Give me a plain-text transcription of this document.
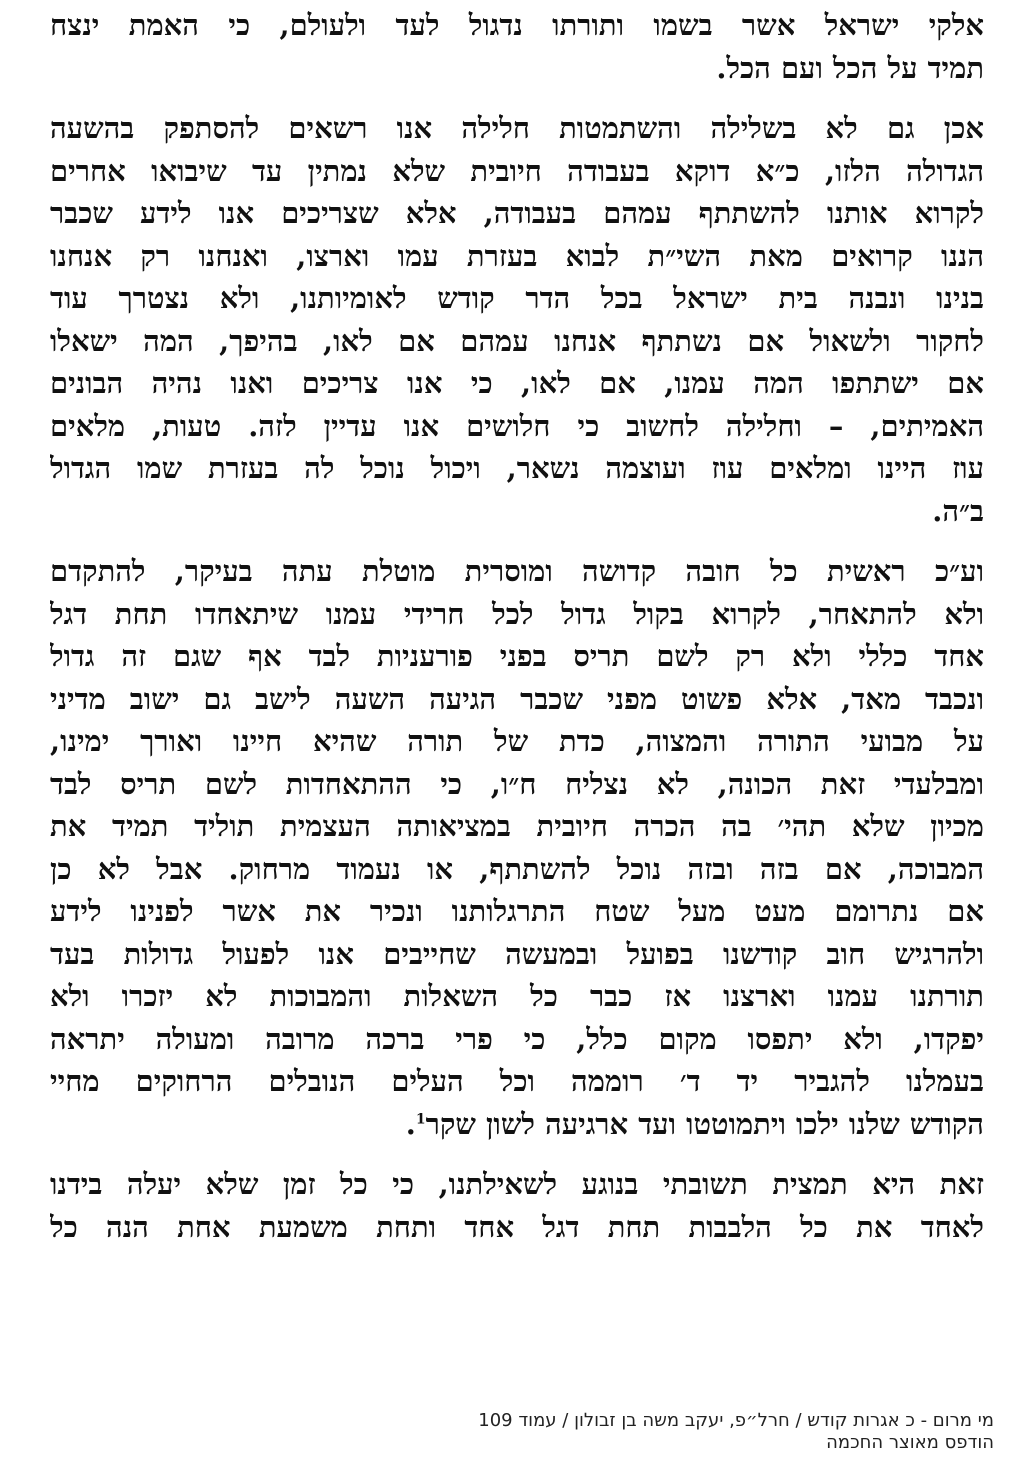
אלקי ישראל אשר בשמו ותורתו נדגול לעד ולעולם, כי האמת ינצח
תמיד על הכל ועם הכל.

אכן גם לא בשלילה והשתמטות חלילה אנו רשאים להסתפק בהשעה
הגדולה הלזו, כ״א דוקא בעבודה חיובית שלא נמתין עד שיבואו אחרים
לקרוא אותנו להשתתף עמהם בעבודה, אלא שצריכים אנו לידע שכבר
הננו קרואים מאת השי״ת לבוא בעזרת עמו וארצו, ואנחנו רק אנחנו
בנינו ונבנה בית ישראל בכל הדר קודש לאומיותנו, ולא נצטרך עוד
לחקור ולשאול אם נשתתף אנחנו עמהם אם לאו, בהיפך, המה ישאלו
אם ישתתפו המה עמנו, אם לאו, כי אנו צריכים ואנו נהיה הבונים
האמיתים, – וחלילה לחשוב כי חלושים אנו עדיין לזה. טעות, מלאים
עוז היינו ומלאים עוז ועוצמה נשאר, ויכול נוכל לה בעזרת שמו הגדול
ב״ה.

וע״כ ראשית כל חובה קדושה ומוסרית מוטלת עתה בעיקר, להתקדם
ולא להתאחר, לקרוא בקול גדול לכל חרידי עמנו שיתאחדו תחת דגל
אחד כללי ולא רק לשם תריס בפני פורעניות לבד אף שגם זה גדול
ונכבד מאד, אלא פשוט מפני שכבר הגיעה השעה לישב גם ישוב מדיני
על מבועי התורה והמצוה, כדת של תורה שהיא חיינו ואורך ימינו,
ומבלעדי זאת הכונה, לא נצליח ח״ו, כי ההתאחדות לשם תריס לבד
מכיון שלא תהי׳ בה הכרה חיובית במציאותה העצמית תוליד תמיד את
המבוכה, אם בזה ובזה נוכל להשתתף, או נעמוד מרחוק. אבל לא כן
אם נתרומם מעט מעל שטח התרגלותנו ונכיר את אשר לפנינו לידע
ולהרגיש חוב קודשנו בפועל ובמעשה שחייבים אנו לפעול גדולות בעד
תורתנו עמנו וארצנו אז כבר כל השאלות והמבוכות לא יזכרו ולא
יפקדו, ולא יתפסו מקום כלל, כי פרי ברכה מרובה ומעולה יתראה
בעמלנו להגביר יד ד׳ רוממה וכל העלים הנובלים הרחוקים מחיי
הקודש שלנו ילכו ויתמוטטו ועד ארגיעה לשון שקר$^1$.

זאת היא תמצית תשובתי בנוגע לשאילתנו, כי כל זמן שלא יעלה בידנו
לאחד את כל הלבבות תחת דגל אחד ותחת משמעת אחת הנה כל

מי מרום - כ אגרות קודש / חרל״פ, יעקב משה בן זבולון / עמוד 109
הודפס מאוצר החכמה
